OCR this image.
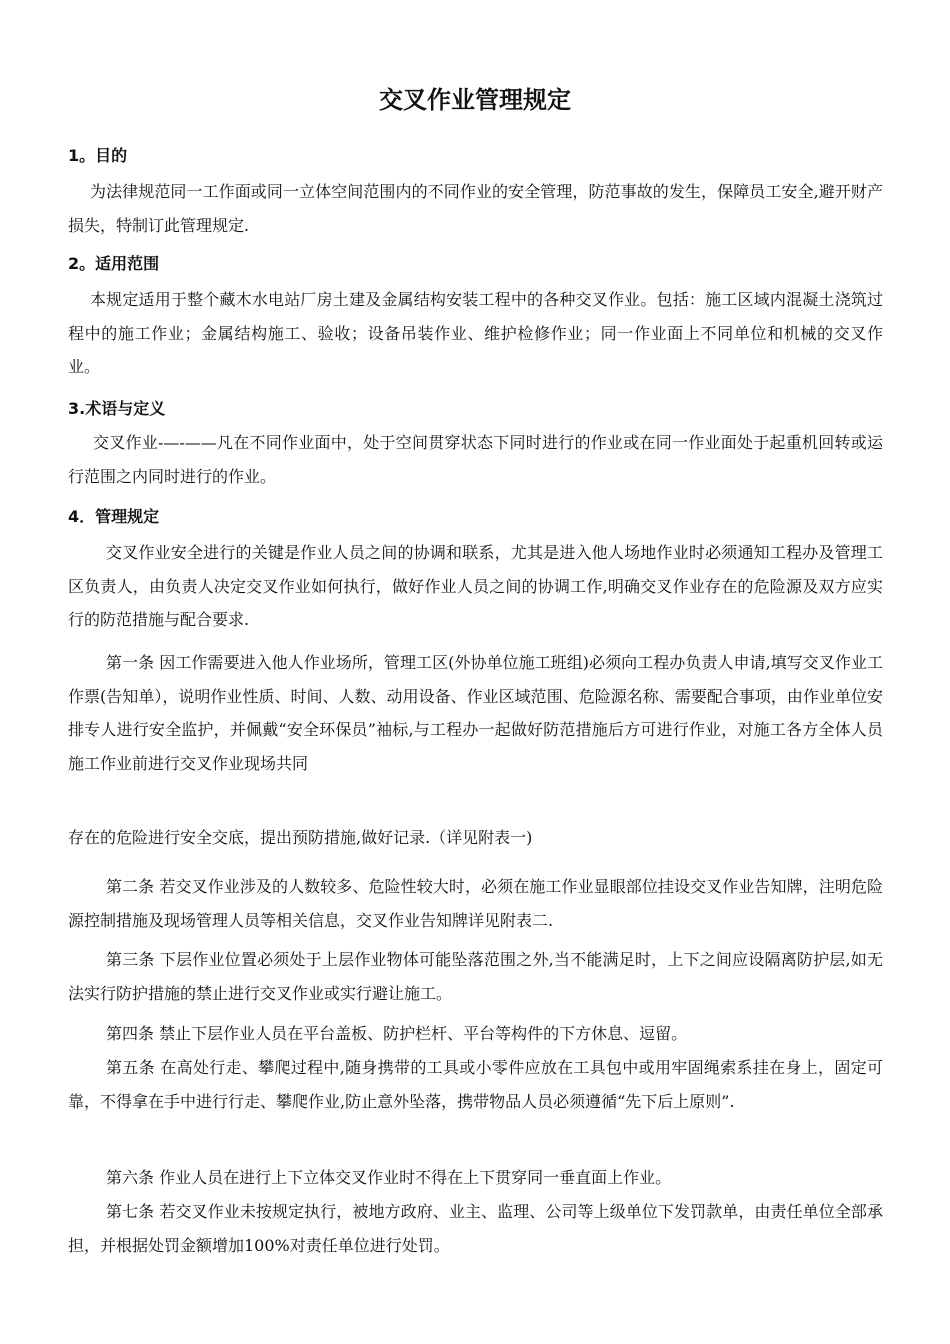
交叉作业管理规定
1。目的
为法律规范同一工作面或同一立体空间范围内的不同作业的安全管理，防范事故的发生，保障员工安全,避开财产损失，特制订此管理规定.
2。适用范围
本规定适用于整个藏木水电站厂房土建及金属结构安装工程中的各种交叉作业。包括：施工区域内混凝土浇筑过程中的施工作业；金属结构施工、验收；设备吊装作业、维护检修作业；同一作业面上不同单位和机械的交叉作业。
3.术语与定义
交叉作业-—-——凡在不同作业面中，处于空间贯穿状态下同时进行的作业或在同一作业面处于起重机回转或运行范围之内同时进行的作业。
4．管理规定
交叉作业安全进行的关键是作业人员之间的协调和联系，尤其是进入他人场地作业时必须通知工程办及管理工区负责人，由负责人决定交叉作业如何执行，做好作业人员之间的协调工作,明确交叉作业存在的危险源及双方应实行的防范措施与配合要求.
第一条 因工作需要进入他人作业场所，管理工区(外协单位施工班组)必须向工程办负责人申请,填写交叉作业工作票(告知单），说明作业性质、时间、人数、动用设备、作业区域范围、危险源名称、需要配合事项，由作业单位安排专人进行安全监护，并佩戴“安全环保员”袖标,与工程办一起做好防范措施后方可进行作业，对施工各方全体人员施工作业前进行交叉作业现场共同
存在的危险进行安全交底，提出预防措施,做好记录.（详见附表一)
第二条 若交叉作业涉及的人数较多、危险性较大时，必须在施工作业显眼部位挂设交叉作业告知牌，注明危险源控制措施及现场管理人员等相关信息，交叉作业告知牌详见附表二.
第三条 下层作业位置必须处于上层作业物体可能坠落范围之外,当不能满足时，上下之间应设隔离防护层,如无法实行防护措施的禁止进行交叉作业或实行避让施工。
第四条 禁止下层作业人员在平台盖板、防护栏杆、平台等构件的下方休息、逗留。
第五条 在高处行走、攀爬过程中,随身携带的工具或小零件应放在工具包中或用牢固绳索系挂在身上，固定可靠，不得拿在手中进行行走、攀爬作业,防止意外坠落，携带物品人员必须遵循“先下后上原则”.
第六条 作业人员在进行上下立体交叉作业时不得在上下贯穿同一垂直面上作业。
第七条 若交叉作业未按规定执行，被地方政府、业主、监理、公司等上级单位下发罚款单，由责任单位全部承担，并根据处罚金额增加100%对责任单位进行处罚。
